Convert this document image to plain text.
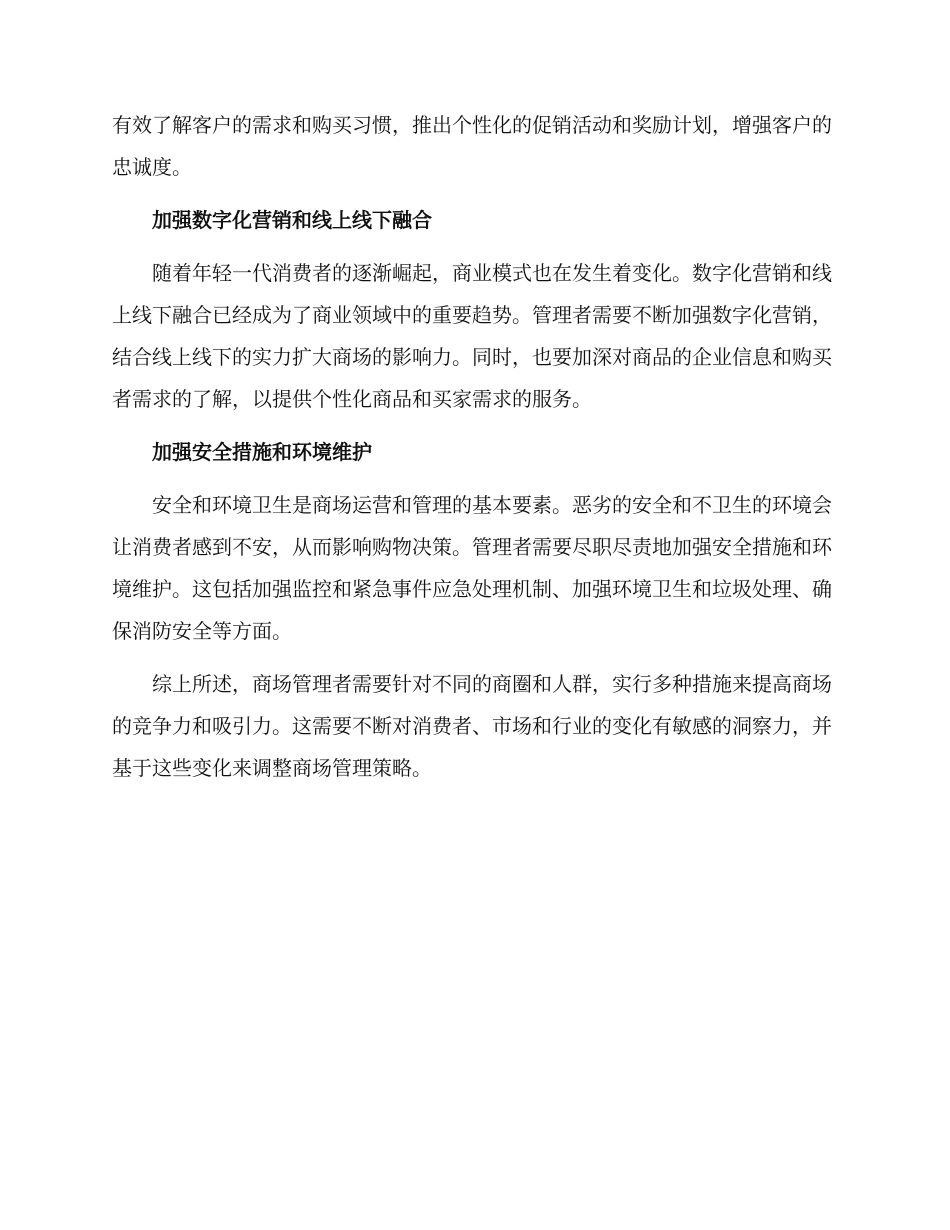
有效了解客户的需求和购买习惯，推出个性化的促销活动和奖励计划，增强客户的忠诚度。

加强数字化营销和线上线下融合

随着年轻一代消费者的逐渐崛起，商业模式也在发生着变化。数字化营销和线上线下融合已经成为了商业领域中的重要趋势。管理者需要不断加强数字化营销，结合线上线下的实力扩大商场的影响力。同时，也要加深对商品的企业信息和购买者需求的了解，以提供个性化商品和买家需求的服务。

加强安全措施和环境维护

安全和环境卫生是商场运营和管理的基本要素。恶劣的安全和不卫生的环境会让消费者感到不安，从而影响购物决策。管理者需要尽职尽责地加强安全措施和环境维护。这包括加强监控和紧急事件应急处理机制、加强环境卫生和垃圾处理、确保消防安全等方面。

综上所述，商场管理者需要针对不同的商圈和人群，实行多种措施来提高商场的竞争力和吸引力。这需要不断对消费者、市场和行业的变化有敏感的洞察力，并基于这些变化来调整商场管理策略。
